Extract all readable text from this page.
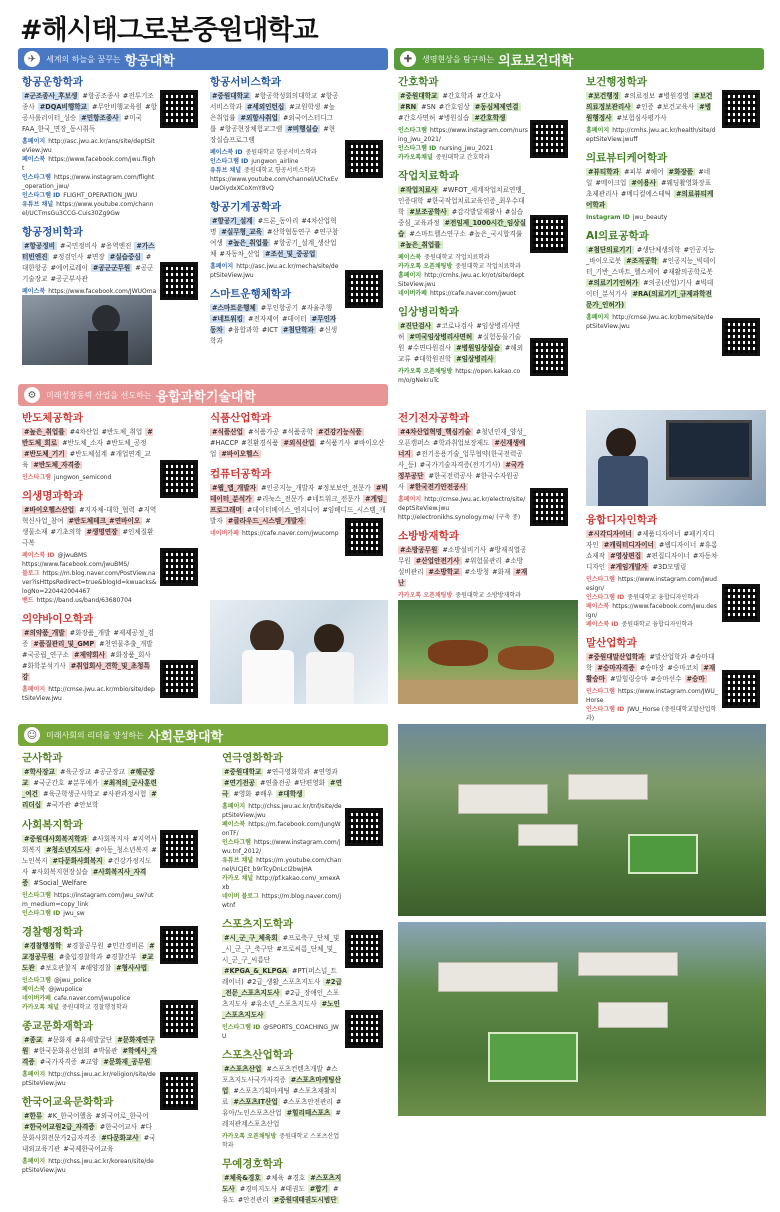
#해시태그로본중원대학교
✈	세계의 하늘을 꿈꾸는 항공대학	✚	생명현상을 탐구하는 의료보건대학
⚙	미래성장동력 산업을 선도하는 융합과학기술대학
☺	미래사회의 리더를 양성하는 사회문화대학
항공운항학과
#군조종사_후보생 #항공조종사 #전투기조종사 #DQA비행학교 #무안비행교육원 #항공사롤러이터_싱승 #민항조종사 #미국FAA_한국_면장_동시취득
홈페이지 http://asc.jwu.ac.kr/ans/site/deptSiteView.jwu
페이스북 https://www.facebook.com/jwu.flight
인스타그램 https://www.instagram.com/flight_operation_jwu/
인스타그램 ID FLIGHT_OPERATION_JWU
유튜브 채널 https://www.youtube.com/channel/UCTmsGu3CCG-Cuis30Zg9Gw
항공정비학과
#항공정비 #국민정비사 #용역엔진 #가스터빈엔진 #정검인사 #면장 #실습중심 #대한항공 #에어로레이 #공군군무원 #공군기술장교 #공군부사관
페이스북 https://www.facebook.com/JWUOma
항공서비스학과
#중원대학교 #항공학성회의대학교 #항공서비스학과 #세외인턴십 #교원학생 #높은취업률 #외항사취업 #외국어스터디그룹 #항공현장체험교그램 #비행실습 #현장실습프로그램
페이스북 ID 중원대학교 항공서비스학과
인스타그램 ID jungwon_airline
유튜브 채널 중원대학교 항공서비스학과
https://www.youtube.com/channel/UChxEvUwOiydxXCoXmY8vQ
항공기계공학과
#항공기_설계 #드론_동아리 #4차산업혁명 #실무형_교육 #산학협동연구 #연구참여생 #높은_취업률 #항공기_설계_생산업체 #자동차_산업 #조선_및_중공업
홈페이지 http://asc.jwu.ac.kr/mecha/site/deptSiteView.jwu
스마트운행체학과
#스마트운행체 #무인항공기 #자율주행#네트워킹 #전자제어 #데이터 #무인자동차 #융합과학 #ICT #첨단학과 #신생학과
간호학과
#중원대학교 #간호학과 #간호사#RN #SN #간호임상 #동심체제연결#간호사면허 #병원실습 #간호학생
인스타그램 https://www.instagram.com/nursing_jwu_2021/
인스타그램 ID nursing_jwu_2021
카카오톡채널 중원대학교 간호학과
작업치료학과
#작업치료사 #WFOT_세계작업치료연맹_인증대학 #한국작업치료교육인증_최우수대학 #보조공학사 #감각발달재활사 #실습중심_교육과정 #전임제_1000시간_임상실습 #스마트헬스연구소 #높은_국시합격률#높은_취업률
페이스북 중원대학교 작업치료학과
카카오톡 오픈채팅방 중원대학교 작업치료학과
홈페이지 http://cmhs.jwu.ac.kr/ot/site/deptSiteView.jwu
네이버카페 https://cafe.naver.com/jwuot
임상병리학과
#진단검사 #코로나검사 #임상병리사면허 #미국임상병리사면허 #실험동물기술원 #수면다원검사 #병원임상실습 #해외교류 #대학원진학 #임상병리사
카카오톡 오픈채팅방 https://open.kakao.com/o/gNekruTc
보건행정학과
#보건행정 #의료정보 #병원경영 #보건의료정보관리사 #인증 #보건교육사 #병원행정사 #보험심사평가사
홈페이지 http://cmhs.jwu.ac.kr/health/site/deptSiteView.jwuff
의료뷰티케어학과
#뷰티학과 #피부 #헤어 #화장품 #네일 #메이크업 #이용사 #웨딩촬영화장표초제관리사 #메디컬에스테틱 #의료뷰티케어학과
Instagram ID jwu_beauty
AI의료공학과
#첨단의료기기 #생단체생의학 #인공지능_바이오로봇 #조직공학 #인공지능_빅데이터_기반_스마트_헬스케어 #재활의공학로봇#의료기기인허가 #의공(산업)기사 #빅데이터_분석기사 #RA(의료기기_규제과학전문가_인허가)
홈페이지 http://cmse.jwu.ac.kr/bme/site/deptSiteView.jwu
반도체공학과
#높은_취업률 #4차산업 #반도체_취업 #반도체_회로 #반도체_소자 #반도체_공정#반도체_기기 #반도체설계 #개업연계_교육 #반도체_자격증
인스타그램 jungwon_semicond
의생명과학과
#바이오헬스산업 #지자체-대학_협력 #지역혁신사업_참여 #반도체테크_#연바이오 #생물소재 #기초의학 #생명연장 #인체질환극복
페이스북 ID @jwuBMS
https://www.facebook.com/jwuBMS/
블로그 https://m.blog.naver.com/PostView.naver?isHttpsRedirect=true&blogId=kwuacks&logNo=220442004467
밴드 https://band.us/band/63680704
의약바이오학과
#의약품_개발 #화장품_개발 #제제공정_검증 #품질관리_및_GMP #천연물추출_개발#국공립_연구소 #제약회사 #화장품_회사#화학분석기사 #취업회사_견학_및_초청특강
홈페이지 http://cmse.jwu.ac.kr/mbio/site/deptSiteView.jwu
식품산업학과
#식품산업 #식품가공 #식품공학 #건강기능식품#HACCP #친환경식품 #외식산업 #식품기사 #바이오산업 #바이오헬스
컴퓨터공학과
#웹_앱_개발자 #인공지능_개발자 #정보보안_전문가 #빅데이터_분석가 #리눅스_전문가 #네트워크_전문가 #게임_프로그래머 #데이터베이스_엔지니어 #임베디드_시스템_개발자 #클라우드_시스템_개발자
네이버카페 https://cafe.naver.com/jwucomp
전기전자공학과
#4차산업혁명_핵심기술 #청년인재_양성_오픈캠퍼스 #학과취업보장제도 #신재생에너지 #전기응용기술_업무협약(한국전력공사_등) #국가기술자격증(전기기사) #국가정부공단 #한국전력공사 #한국수자원공사 #한국전기안전공사
홈페이지 http://cmse.jwu.ac.kr/electro/site/deptSiteView.jwu
http://electronikhs.synology.me/ (구축 중)
소방방재학과
#소방공무원 #소방설비기사 #방재직열공무원 #산업안전기사 #위험물관리 #소방설비관리 #소방학교 #소방청 #화재 #재난
카카오톡 오픈채팅방 중원대학교 소방방재학과
융합디자인학과
#시각디자이너 #제품디자이너 #패키지디자인 #캐릭터디자이너 #웹디자이너 #휴롬쇼제작 #영상편집 #편집디자이너 #자동차디자인 #게임개발자 #3D모델링
인스타그램 https://www.instagram.com/jwudesign/
인스타그램 ID 중원대학교 융합디자인학과
페이스북 https://www.facebook.com/jwu.design/
페이스북 ID 중원대학교 융합디자인학과
말산업학과
#중원대말산업학과 #말산업학과 #승마대학 #승마자격증 #승마장 #승마코치 #재활승마 #말힐링승마 #승마선수 #승마
인스타그램 https://www.instagram.com/JWU_Horse
인스타그램 ID JWU_Horse (중원대학교말산업학과)
군사학과
#학사장교 #육군장교 #공군장교 #해군장교 #국군간호 #분무예카 #최적의_군사훈련_여건 #육군학생군사학교 #사관과정시험 #리더십 #국가관 #안보학
사회복지학과
#중원대사회복지학과 #사회복지사 #지역사회복지 #청소년지도사 #아동_청소년복지 #노인복지 #다문화사회복지 #건강가정지도사 #사회복지현장실습 #사회복지사_자격증 #Social_Welfare
인스타그램 https://instagram.com/jwu_sw?utm_medium=copy_link
인스타그램 ID jwu_sw
경찰행정학과
#경찰행정학 #경찰공무원 #민간경비론 #교정공무원 #출입경찰학과 #경찰간부 #교도관 #보호관찰직 #해양경찰 #형사사법
인스타그램 @jwu_police
페이스북 @jwupolice
네이버카페 cafe.naver.com/jwupolice
카카오톡 채널 중원대학교 경찰행정학과
종교문화재학과
#종교 #문화재 #유해발굴단 #문화재연구원 #한국문화유산협회 #박물관 #학예사_자격증 #국가자격증 #교양 #문화재_공무원
홈페이지 http://chss.jwu.ac.kr/religion/site/deptSiteView.jwu
한국어교육문화학과
#한류 #K_한국어했음 #외국어로_한국어#한국어교원2급_자격증 #한국어교사 #다문화사회전문가2급자격증 #다문화교사 #국내외교육기관 #국제한국어교육
홈페이지 http://chss.jwu.ac.kr/korean/site/deptSiteView.jwu
연극영화학과
#중원대학교 #연극영화학과 #연영과#연기전공 #연출전공 #단편영화 #연극 #영화 #배우 #대학생
홈페이지 http://chss.jwu.ac.kr/tnf/site/deptSiteView.jwu
페이스북 https://m.facebook.com/JungWonTF/
인스타그램 https://www.instagram.com/jwu.tnf_2012/
유튜브 채널 https://m.youtube.com/channel/UCJEt_b9rTcyDnLcI2bwjHA
카카오 채널 http://pf.kakao.com/_xmexAxb
네이버 블로그 https://m.blog.naver.com/jwtnf
스포츠지도학과
#시_군_구_체육회 #프로축구_단체_및_시_군_구_축구단 #프로씨름_단체_및_시_군_구_씨름단#KPGA_&_KLPGA #PT(퍼스널_트레이너) #2급_생활_스포츠지도사 #2급_전문_스포츠지도사 #2급_장애인_스포츠지도사 #유소년_스포츠지도사 #노인_스포츠지도사
인스타그램 ID @SPORTS_COACHING_JWU
스포츠산업학과
#스포츠산업 #스포츠컨텐츠개발 #스포츠지도사국가자격증 #스포츠마케팅산업 #스포츠기획마케팅 #스포츠재활치료 #스포츠IT산업 #스포츠안전관리 #유아/노인스포츠산업 #힐리테스포츠 #레저관계스포츠산업
카카오톡 오픈채팅방 중원대학교 스포츠산업학과
무예경호학과
#체육&경호 #체육 #경호 #스포츠지도사 #경비지도사 #태권도 #합기 #유도 #안전관리 #중원대태권도시범단
